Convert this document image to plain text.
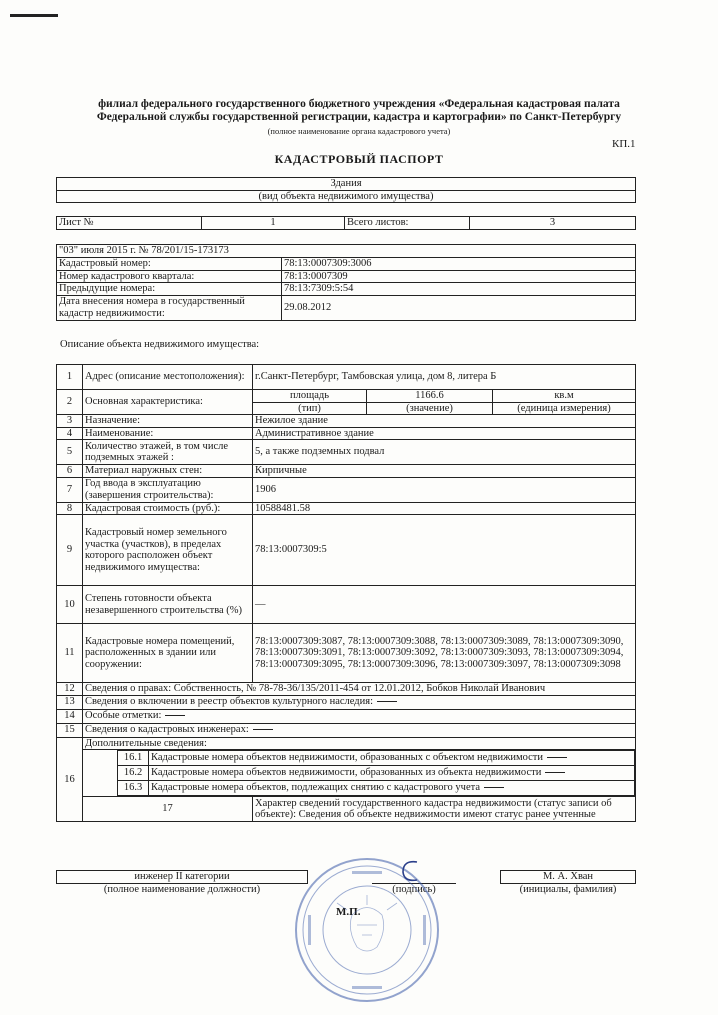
филиал федерального государственного бюджетного учреждения «Федеральная кадастровая палата
Федеральной службы государственной регистрации, кадастра и картографии» по Санкт-Петербургу
(полное наименование органа кадастрового учета)
КП.1
КАДАСТРОВЫЙ ПАСПОРТ
Здания
(вид объекта недвижимого имущества)
Лист №	1	Всего листов:	3
"03" июля 2015 г. № 78/201/15-173173	
Кадастровый номер:	78:13:0007309:3006
Номер кадастрового квартала:	78:13:0007309
Предыдущие номера:	78:13:7309:5:54
Дата внесения номера в государственный кадастр недвижимости:	29.08.2012
Описание объекта недвижимого имущества:
1	Адрес (описание местоположения):	г.Санкт-Петербург, Тамбовская улица, дом 8, литера Б
2	Основная характеристика:	площадь	1166.6	кв.м
(тип)	(значение)	(единица измерения)
3	Назначение:	Нежилое здание
4	Наименование:	Административное здание
5	Количество этажей, в том числе подземных этажей :	5, а также подземных подвал
6	Материал наружных стен:	Кирпичные
7	Год ввода в эксплуатацию (завершения строительства):	1906
8	Кадастровая стоимость (руб.):	10588481.58
9	Кадастровый номер земельного участка (участков), в пределах которого расположен объект недвижимого имущества:	78:13:0007309:5
10	Степень готовности объекта незавершенного строительства (%)	—
11	Кадастровые номера помещений, расположенных в здании или сооружении:	78:13:0007309:3087, 78:13:0007309:3088, 78:13:0007309:3089, 78:13:0007309:3090, 78:13:0007309:3091, 78:13:0007309:3092, 78:13:0007309:3093, 78:13:0007309:3094, 78:13:0007309:3095, 78:13:0007309:3096, 78:13:0007309:3097, 78:13:0007309:3098
12	Сведения о правах: Собственность, № 78-78-36/135/2011-454 от 12.01.2012, Бобков Николай Иванович
13	Сведения о включении в реестр объектов культурного наследия:
14	Особые отметки:
15	Сведения о кадастровых инженерах:
16	Дополнительные сведения:

	16.1	Кадастровые номера объектов недвижимости, образованных с объектом недвижимости
	16.2	Кадастровые номера объектов недвижимости, образованных из объекта недвижимости
	16.3	Кадастровые номера объектов, подлежащих снятию с кадастрового учета

17	Характер сведений государственного кадастра недвижимости (статус записи об объекте): Сведения об объекте недвижимости имеют статус ранее учтенные
инженер II категории				М. А. Хван
(полное наименование должности)		(подпись)		(инициалы, фамилия)
М.П.
